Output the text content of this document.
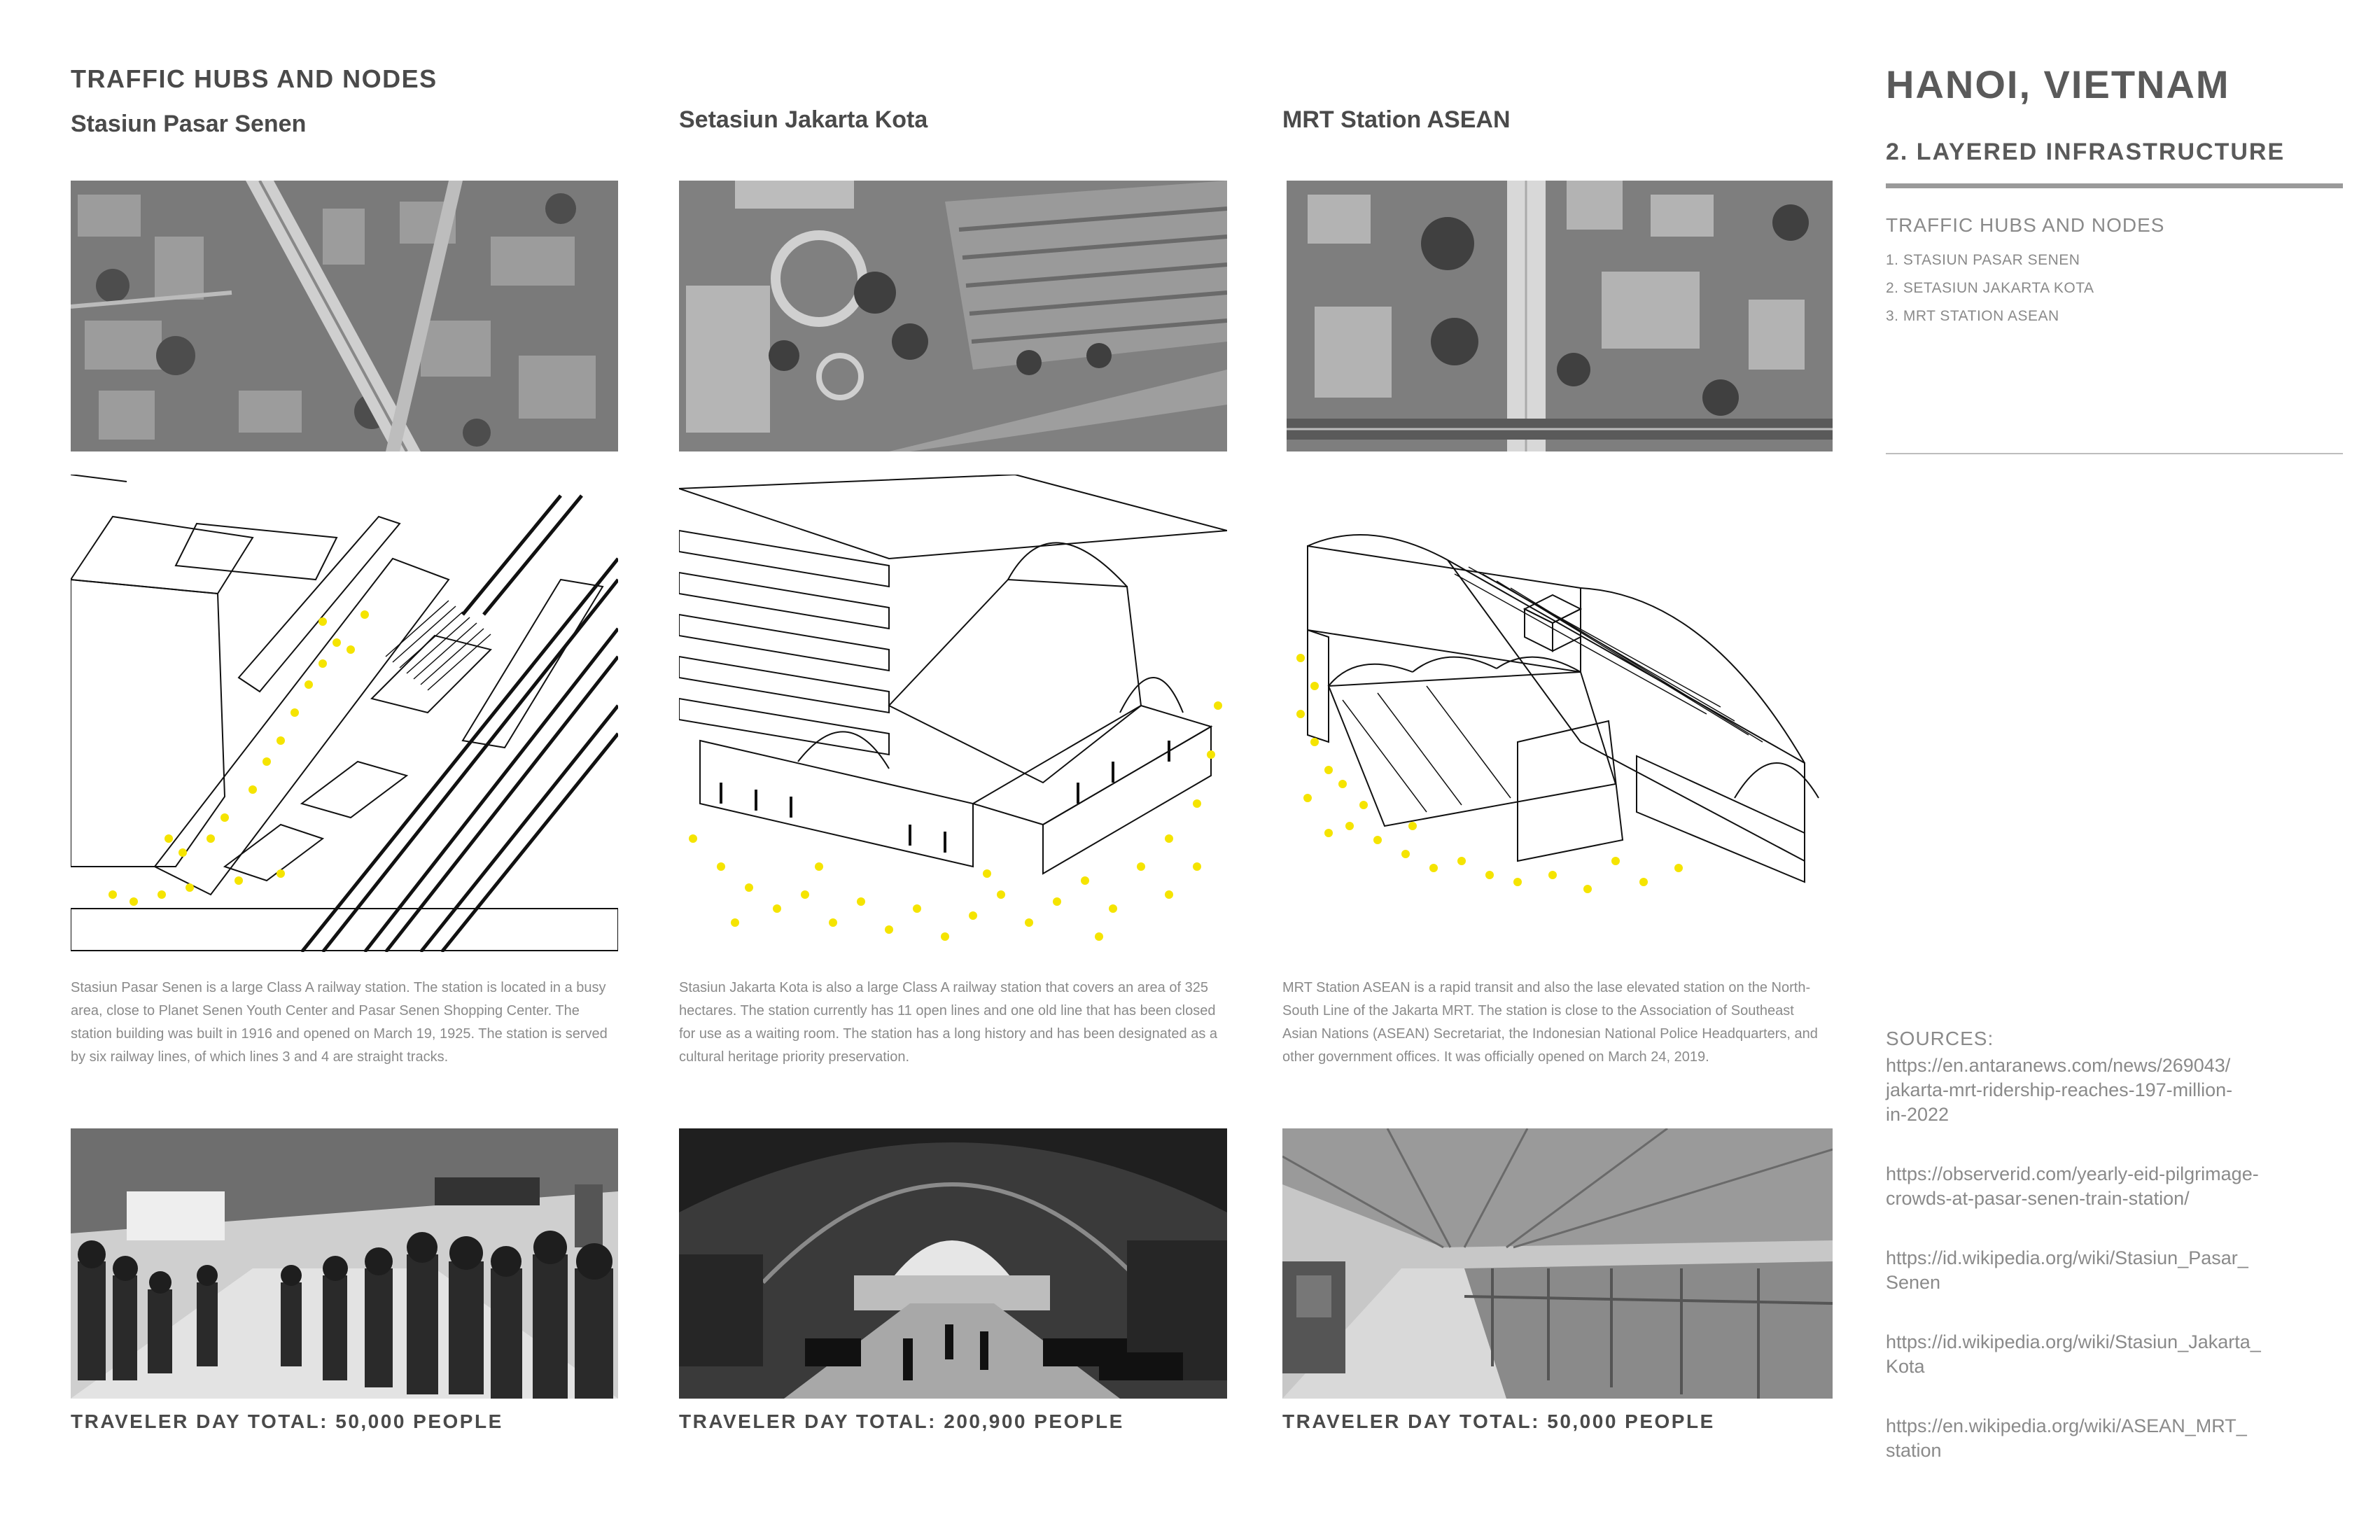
TRAFFIC HUBS AND NODES
Stasiun Pasar Senen	Setasiun Jakarta Kota	MRT Station ASEAN
Stasiun Pasar Senen is a large Class A railway station. The station is located in a busy area, close to Planet Senen Youth Center and Pasar Senen Shopping Center. The station building was built in 1916 and opened on March 19, 1925. The station is served by six railway lines, of which lines 3 and 4 are straight tracks.
Stasiun Jakarta Kota is also a large Class A railway station that covers an area of 325 hectares. The station currently has 11 open lines and one old line that has been closed for use as a waiting room. The station has a long history and has been designated as a cultural heritage priority preservation.
MRT Station ASEAN is a rapid transit and also the lase elevated station on the North-South Line of the Jakarta MRT. The station is close to the Association of Southeast Asian Nations (ASEAN) Secretariat, the Indonesian National Police Headquarters, and other government offices. It was officially opened on March 24, 2019.
TRAVELER DAY TOTAL: 50,000 PEOPLE	TRAVELER DAY TOTAL: 200,900 PEOPLE	TRAVELER DAY TOTAL: 50,000 PEOPLE
HANOI, VIETNAM
2. LAYERED INFRASTRUCTURE
TRAFFIC HUBS AND NODES
1. STASIUN PASAR SENEN
2. SETASIUN JAKARTA KOTA
3. MRT STATION ASEAN
SOURCES:
https://en.antaranews.com/news/269043/
jakarta-mrt-ridership-reaches-197-million-
in-2022
https://observerid.com/yearly-eid-pilgrimage-
crowds-at-pasar-senen-train-station/
https://id.wikipedia.org/wiki/Stasiun_Pasar_
Senen
https://id.wikipedia.org/wiki/Stasiun_Jakarta_
Kota
https://en.wikipedia.org/wiki/ASEAN_MRT_
station
